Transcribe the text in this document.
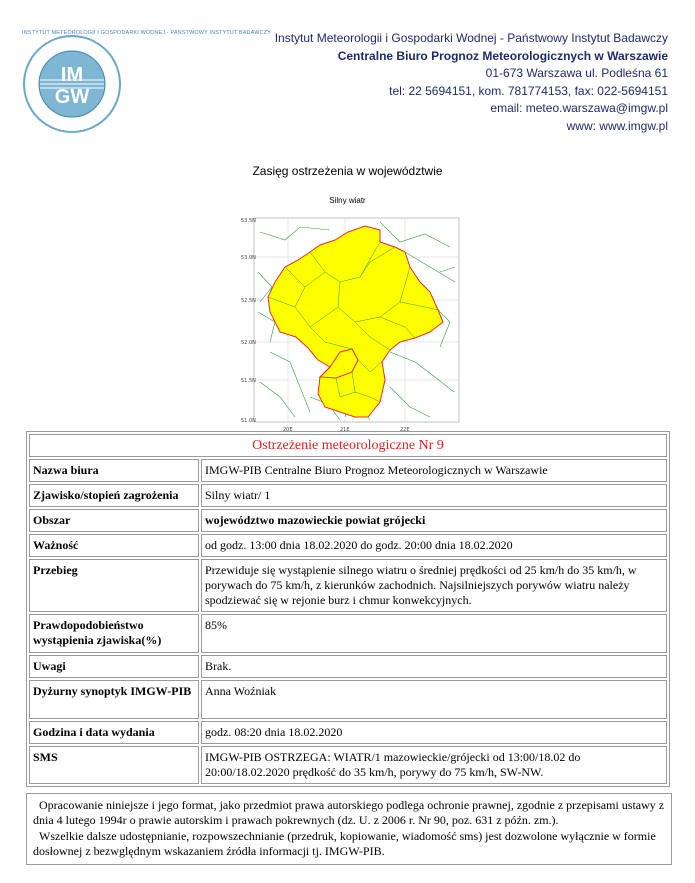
INSTYTUT METEOROLOGII I GOSPODARKI WODNEJ · PAŃSTWOWY INSTYTUT BADAWCZY
IM
GW
Instytut Meteorologii i Gospodarki Wodnej - Państwowy Instytut Badawczy
Centralne Biuro Prognoz Meteorologicznych w Warszawie
01-673 Warszawa ul. Podleśna 61
tel: 22 5694151, kom. 781774153, fax: 022-5694151
email: meteo.warszawa@imgw.pl
www: www.imgw.pl
Zasięg ostrzeżenia w województwie
Silny wiatr
53.5N
53.0N
52.5N
52.0N
51.5N
51.0N
20E	21E	22E
Ostrzeżenie meteorologiczne Nr 9	
Nazwa biura	IMGW-PIB Centralne Biuro Prognoz Meteorologicznych w Warszawie
Zjawisko/stopień zagrożenia	Silny wiatr/ 1
Obszar	województwo mazowieckie powiat grójecki
Ważność	od godz. 13:00 dnia 18.02.2020 do godz. 20:00 dnia 18.02.2020
Przebieg	Przewiduje się wystąpienie silnego wiatru o średniej prędkości od 25 km/h do 35 km/h, w porywach do 75 km/h, z kierunków zachodnich. Najsilniejszych porywów wiatru należy spodziewać się w rejonie burz i chmur konwekcyjnych.
Prawdopodobieństwo wystąpienia zjawiska(%)	85%
Uwagi	Brak.
Dyżurny synoptyk IMGW-PIB	Anna Woźniak
Godzina i data wydania	godz. 08:20 dnia 18.02.2020
SMS	IMGW-PIB OSTRZEGA: WIATR/1 mazowieckie/grójecki od 13:00/18.02 do 20:00/18.02.2020 prędkość do 35 km/h, porywy do 75 km/h, SW-NW.
Opracowanie niniejsze i jego format, jako przedmiot prawa autorskiego podlega ochronie prawnej, zgodnie z przepisami ustawy z dnia 4 lutego 1994r o prawie autorskim i prawach pokrewnych (dz. U. z 2006 r. Nr 90, poz. 631 z późn. zm.).
Wszelkie dalsze udostępnianie, rozpowszechnianie (przedruk, kopiowanie, wiadomość sms) jest dozwolone wyłącznie w formie dosłownej z bezwględnym wskazaniem źródła informacji tj. IMGW-PIB.
